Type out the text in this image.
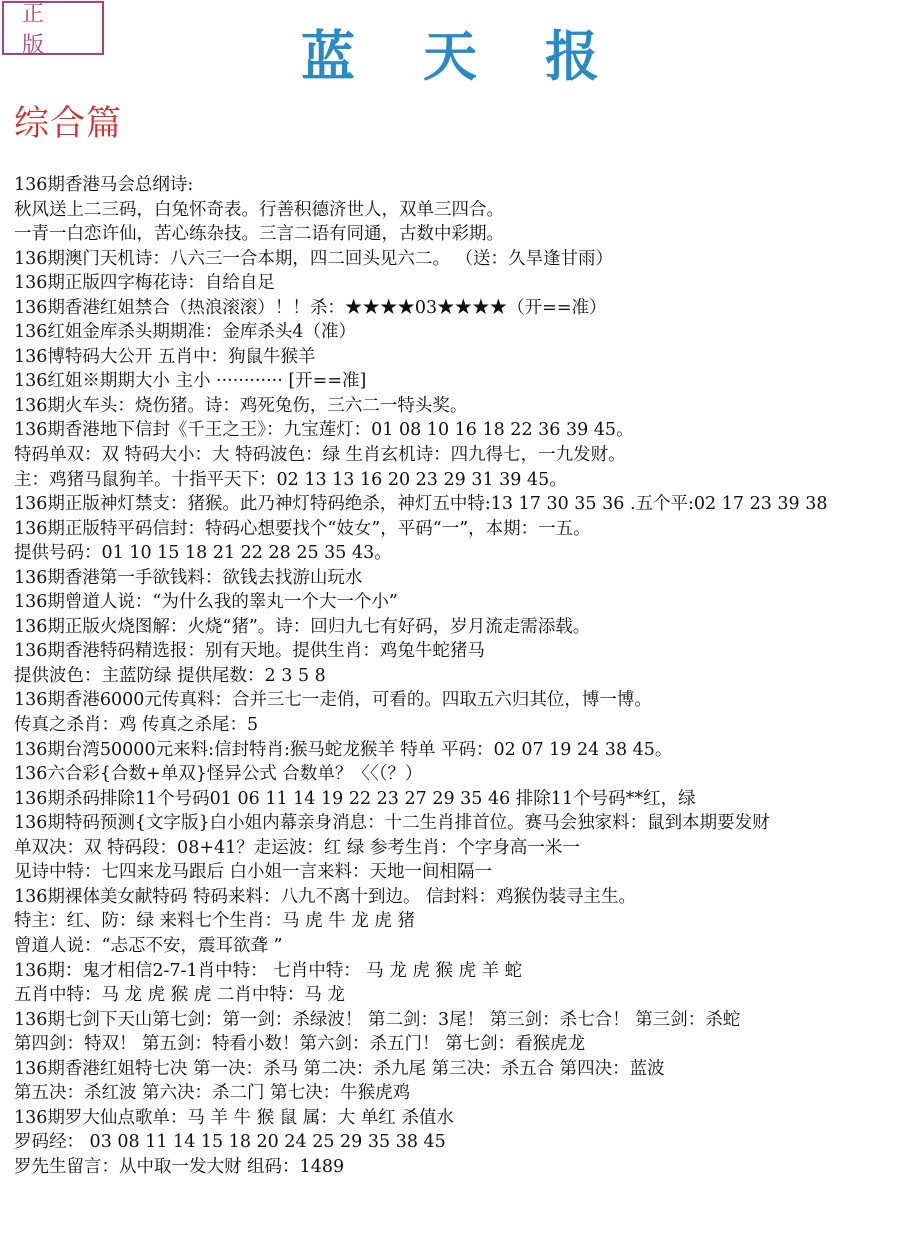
正版	蓝天报
综合篇
136期香港马会总纲诗:
秋风送上二三码，白兔怀奇表。行善积德济世人，双单三四合。
一青一白恋许仙，苦心练杂技。三言二语有同通，古数中彩期。
136期澳门天机诗：八六三一合本期，四二回头见六二。 （送：久旱逢甘雨）
136期正版四字梅花诗：自给自足
136期香港红姐禁合（热浪滚滚）！！杀：★★★★03★★★★（开==准）
136红姐金库杀头期期准：金库杀头4（准）
136博特码大公开 五肖中：狗鼠牛猴羊
136红姐※期期大小 主小 ············ [开==准]
136期火车头：烧伤猪。诗：鸡死兔伤，三六二一特头奖。
136期香港地下信封《千王之王》：九宝莲灯：01 08 10 16 18 22 36 39 45。
特码单双：双 特码大小：大 特码波色：绿 生肖玄机诗：四九得七，一九发财。
主：鸡猪马鼠狗羊。十指平天下：02 13 13 16 20 23 29 31 39 45。
136期正版神灯禁支：猪猴。此乃神灯特码绝杀，神灯五中特:13 17 30 35 36 .五个平:02 17 23 39 38
136期正版特平码信封：特码心想要找个“妓女”，平码“一”，本期：一五。
提供号码：01 10 15 18 21 22 28 25 35 43。
136期香港第一手欲钱料：欲钱去找游山玩水
136期曾道人说：“为什么我的睾丸一个大一个小”
136期正版火烧图解：火烧“猪”。诗：回归九七有好码，岁月流走需添载。
136期香港特码精选报：别有天地。提供生肖：鸡兔牛蛇猪马
提供波色：主蓝防绿 提供尾数：2 3 5 8
136期香港6000元传真料：合并三七一走俏，可看的。四取五六归其位，博一博。
传真之杀肖：鸡 传真之杀尾：5
136期台湾50000元来料:信封特肖:猴马蛇龙猴羊 特单 平码：02 07 19 24 38 45。
136六合彩{合数+单双}怪异公式 合数单？〈〈（？）
136期杀码排除11个号码01 06 11 14 19 22 23 27 29 35 46 排除11个号码**红，绿
136期特码预测{文字版}白小姐内幕亲身消息：十二生肖排首位。赛马会独家料：鼠到本期要发财
单双决：双 特码段：08+41？走运波：红 绿 参考生肖：个字身高一米一
见诗中特：七四来龙马跟后 白小姐一言来料：天地一间相隔一
136期裸体美女献特码 特码来料：八九不离十到边。 信封料：鸡猴伪装寻主生。
特主：红、防：绿 来料七个生肖：马 虎 牛 龙 虎 猪
曾道人说：“忐忑不安，震耳欲聋 ”
136期：鬼才相信2-7-1肖中特： 七肖中特： 马 龙 虎 猴 虎 羊 蛇
五肖中特：马 龙 虎 猴 虎 二肖中特：马 龙
136期七剑下天山第七剑：第一剑：杀绿波！ 第二剑：3尾！ 第三剑：杀七合！ 第三剑：杀蛇
第四剑：特双！ 第五剑：特看小数！第六剑：杀五门！ 第七剑：看猴虎龙
136期香港红姐特七决 第一决：杀马 第二决：杀九尾 第三决：杀五合 第四决：蓝波
第五决：杀红波 第六决：杀二门 第七决：牛猴虎鸡
136期罗大仙点歌单：马 羊 牛 猴 鼠 属：大 单红 杀值水
罗码经： 03 08 11 14 15 18 20 24 25 29 35 38 45
罗先生留言：从中取一发大财 组码：1489
